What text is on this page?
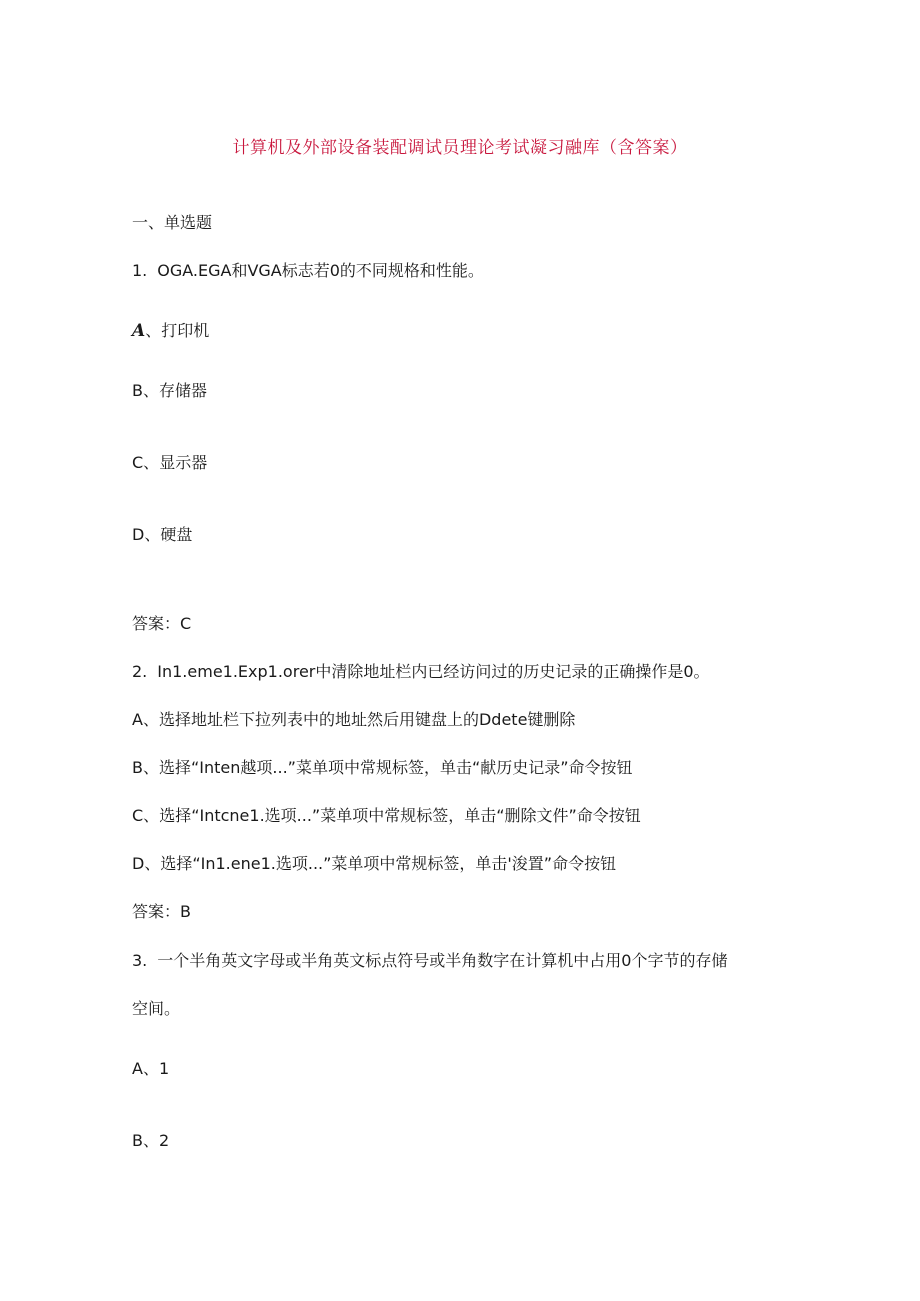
计算机及外部设备装配调试员理论考试凝习融库（含答案）
一、单选题
1. OGA.EGA和VGA标志若0的不同规格和性能。
A、打印机
B、存储器
C、显示器
D、硬盘
答案：C
2. In1.eme1.Exp1.orer中清除地址栏内已经访问过的历史记录的正确操作是0。
A、选择地址栏下拉列表中的地址然后用键盘上的Ddete键删除
B、选择“Inten越项...”菜单项中常规标签，单击“献历史记录”命令按钮
C、选择“Intcne1.选项...”菜单项中常规标签，单击“删除文件”命令按钮
D、选择“In1.ene1.选项...”菜单项中常规标签，单击'浚置”命令按钮
答案：B
3. 一个半角英文字母或半角英文标点符号或半角数字在计算机中占用0个字节的存储
空间。
A、1
B、2
